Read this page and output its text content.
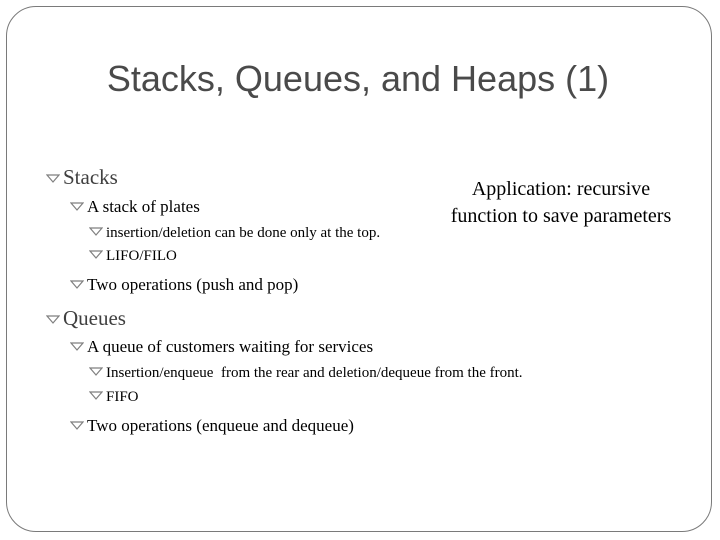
Stacks, Queues, and Heaps (1)
Stacks
A stack of plates
insertion/deletion can be done only at the top.
LIFO/FILO
Two operations (push and pop)
Application: recursive
function to save parameters
Queues
A queue of customers waiting for services
Insertion/enqueue  from the rear and deletion/dequeue from the front.
FIFO
Two operations (enqueue and dequeue)
